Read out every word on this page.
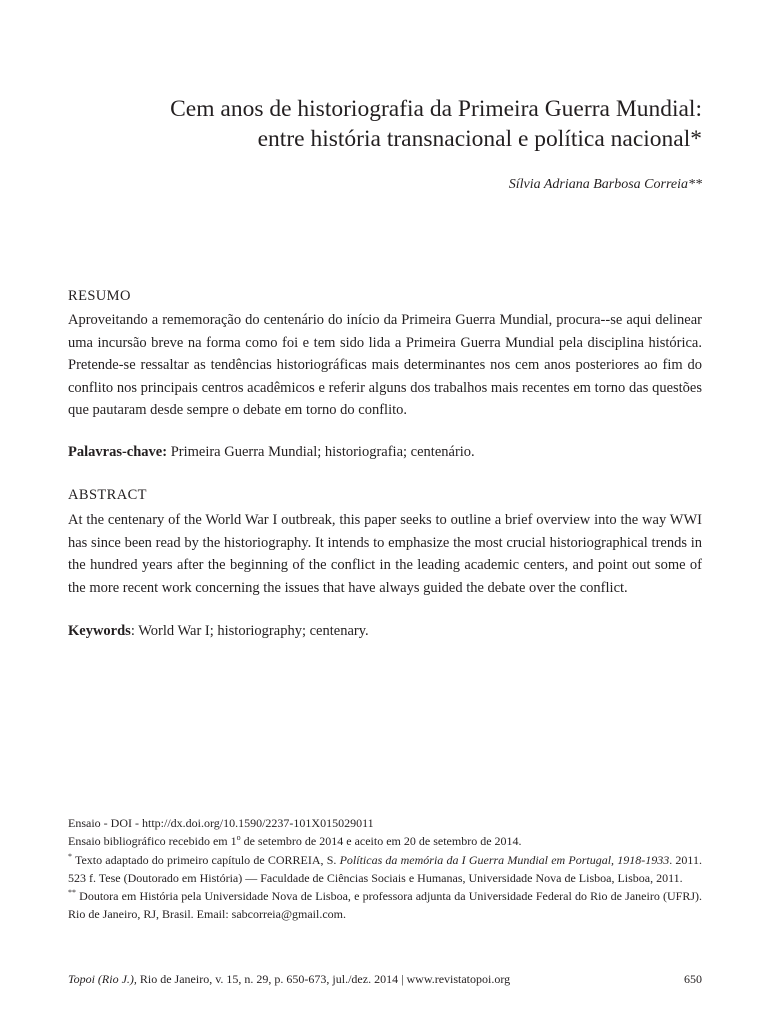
Cem anos de historiografia da Primeira Guerra Mundial:
entre história transnacional e política nacional*
Sílvia Adriana Barbosa Correia**
RESUMO
Aproveitando a rememoração do centenário do início da Primeira Guerra Mundial, procura--se aqui delinear uma incursão breve na forma como foi e tem sido lida a Primeira Guerra Mundial pela disciplina histórica. Pretende-se ressaltar as tendências historiográficas mais determinantes nos cem anos posteriores ao fim do conflito nos principais centros acadêmicos e referir alguns dos trabalhos mais recentes em torno das questões que pautaram desde sempre o debate em torno do conflito.
Palavras-chave: Primeira Guerra Mundial; historiografia; centenário.
ABSTRACT
At the centenary of the World War I outbreak, this paper seeks to outline a brief overview into the way WWI has since been read by the historiography. It intends to emphasize the most crucial historiographical trends in the hundred years after the beginning of the conflict in the leading academic centers, and point out some of the more recent work concerning the issues that have always guided the debate over the conflict.
Keywords: World War I; historiography; centenary.

Ensaio - DOI - http://dx.doi.org/10.1590/2237-101X015029011

Ensaio bibliográfico recebido em 1$^o$ de setembro de 2014 e aceito em 20 de setembro de 2014.

* Texto adaptado do primeiro capítulo de CORREIA, S. Políticas da memória da I Guerra Mundial em Portugal, 1918-1933. 2011. 523 f. Tese (Doutorado em História) — Faculdade de Ciências Sociais e Humanas, Universidade Nova de Lisboa, Lisboa, 2011.

** Doutora em História pela Universidade Nova de Lisboa, e professora adjunta da Universidade Federal do Rio de Janeiro (UFRJ). Rio de Janeiro, RJ, Brasil. Email: sabcorreia@gmail.com.

Topoi (Rio J.), Rio de Janeiro, v. 15, n. 29, p. 650-673, jul./dez. 2014 | www.revistatopoi.org	650
